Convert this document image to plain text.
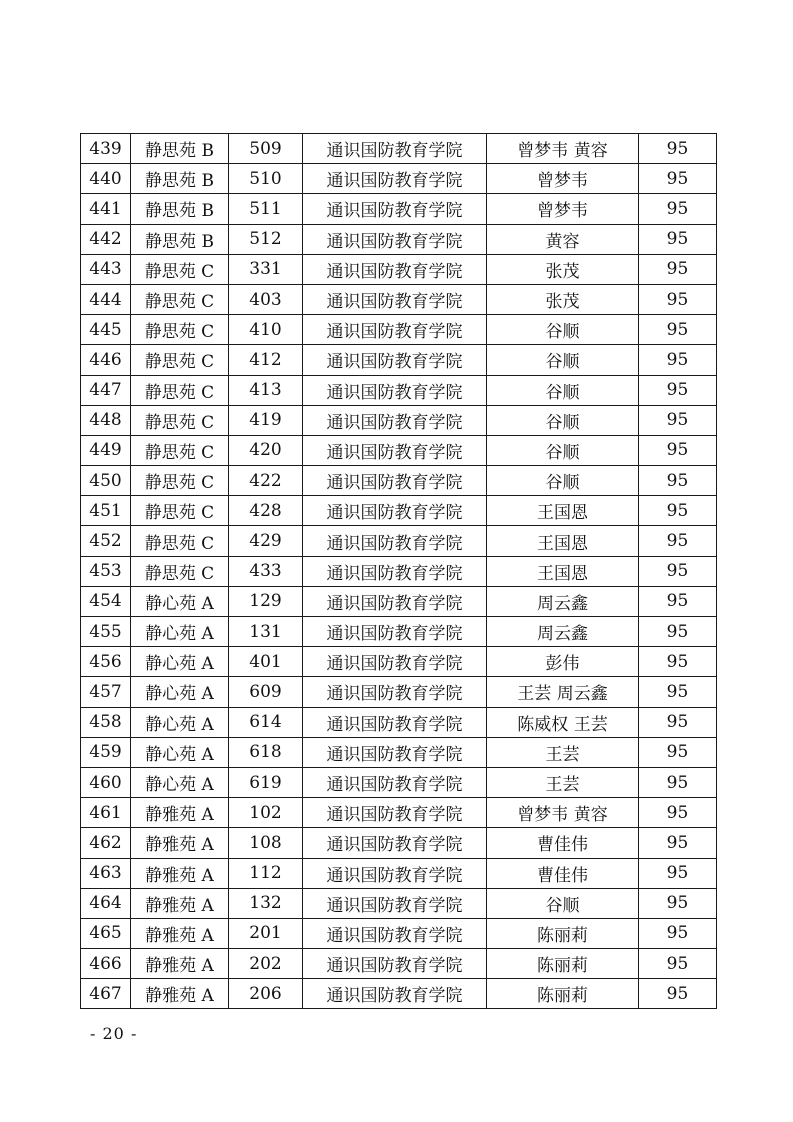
439	静思苑 B	509	通识国防教育学院	曾梦韦 黄容	95
440	静思苑 B	510	通识国防教育学院	曾梦韦	95
441	静思苑 B	511	通识国防教育学院	曾梦韦	95
442	静思苑 B	512	通识国防教育学院	黄容	95
443	静思苑 C	331	通识国防教育学院	张茂	95
444	静思苑 C	403	通识国防教育学院	张茂	95
445	静思苑 C	410	通识国防教育学院	谷顺	95
446	静思苑 C	412	通识国防教育学院	谷顺	95
447	静思苑 C	413	通识国防教育学院	谷顺	95
448	静思苑 C	419	通识国防教育学院	谷顺	95
449	静思苑 C	420	通识国防教育学院	谷顺	95
450	静思苑 C	422	通识国防教育学院	谷顺	95
451	静思苑 C	428	通识国防教育学院	王国恩	95
452	静思苑 C	429	通识国防教育学院	王国恩	95
453	静思苑 C	433	通识国防教育学院	王国恩	95
454	静心苑 A	129	通识国防教育学院	周云鑫	95
455	静心苑 A	131	通识国防教育学院	周云鑫	95
456	静心苑 A	401	通识国防教育学院	彭伟	95
457	静心苑 A	609	通识国防教育学院	王芸 周云鑫	95
458	静心苑 A	614	通识国防教育学院	陈威权 王芸	95
459	静心苑 A	618	通识国防教育学院	王芸	95
460	静心苑 A	619	通识国防教育学院	王芸	95
461	静雅苑 A	102	通识国防教育学院	曾梦韦 黄容	95
462	静雅苑 A	108	通识国防教育学院	曹佳伟	95
463	静雅苑 A	112	通识国防教育学院	曹佳伟	95
464	静雅苑 A	132	通识国防教育学院	谷顺	95
465	静雅苑 A	201	通识国防教育学院	陈丽莉	95
466	静雅苑 A	202	通识国防教育学院	陈丽莉	95
467	静雅苑 A	206	通识国防教育学院	陈丽莉	95
- 20 -
